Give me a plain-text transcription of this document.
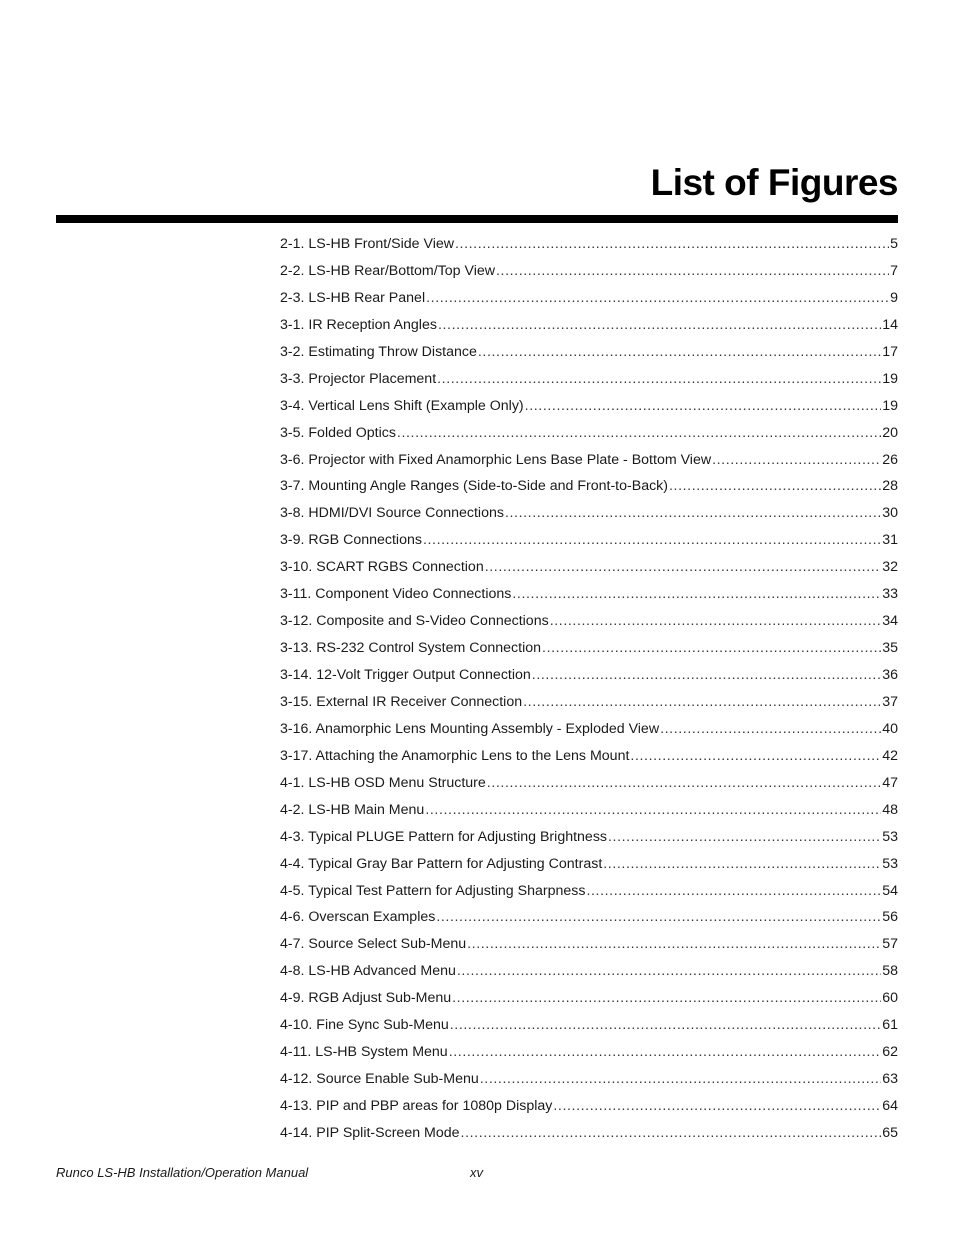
List of Figures
2-1. LS-HB Front/Side View .....	5
2-2. LS-HB Rear/Bottom/Top View .....	7
2-3. LS-HB Rear Panel .....	9
3-1. IR Reception Angles .....	14
3-2. Estimating Throw Distance .....	17
3-3. Projector Placement .....	19
3-4. Vertical Lens Shift (Example Only) .....	19
3-5. Folded Optics .....	20
3-6. Projector with Fixed Anamorphic Lens Base Plate - Bottom View .....	26
3-7. Mounting Angle Ranges (Side-to-Side and Front-to-Back) .....	28
3-8. HDMI/DVI Source Connections .....	30
3-9. RGB Connections .....	31
3-10. SCART RGBS Connection .....	32
3-11. Component Video Connections .....	33
3-12. Composite and S-Video Connections .....	34
3-13. RS-232 Control System Connection .....	35
3-14. 12-Volt Trigger Output Connection .....	36
3-15. External IR Receiver Connection .....	37
3-16. Anamorphic Lens Mounting Assembly - Exploded View .....	40
3-17. Attaching the Anamorphic Lens to the Lens Mount .....	42
4-1. LS-HB OSD Menu Structure .....	47
4-2. LS-HB Main Menu .....	48
4-3. Typical PLUGE Pattern for Adjusting Brightness .....	53
4-4. Typical Gray Bar Pattern for Adjusting Contrast .....	53
4-5. Typical Test Pattern for Adjusting Sharpness .....	54
4-6. Overscan Examples .....	56
4-7. Source Select Sub-Menu .....	57
4-8. LS-HB Advanced Menu .....	58
4-9. RGB Adjust Sub-Menu .....	60
4-10. Fine Sync Sub-Menu .....	61
4-11. LS-HB System Menu .....	62
4-12. Source Enable Sub-Menu .....	63
4-13. PIP and PBP areas for 1080p Display .....	64
4-14. PIP Split-Screen Mode .....	65
Runco LS-HB Installation/Operation Manual	xv
